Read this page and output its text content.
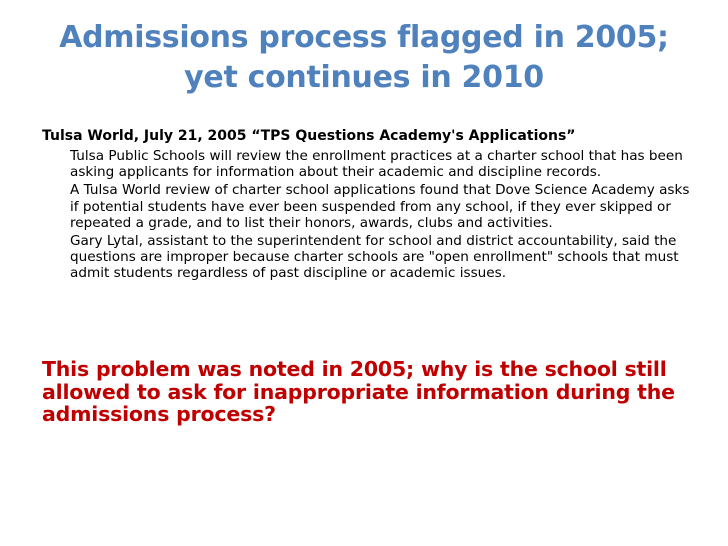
Admissions process flagged in 2005;
yet continues in 2010
Tulsa World, July 21, 2005 “TPS Questions Academy's Applications”
Tulsa Public Schools will review the enrollment practices at a charter school that has been asking applicants for information about their academic and discipline records.
A Tulsa World review of charter school applications found that Dove Science Academy asks if potential students have ever been suspended from any school, if they ever skipped or repeated a grade, and to list their honors, awards, clubs and activities.
Gary Lytal, assistant to the superintendent for school and district accountability, said the questions are improper because charter schools are "open enrollment" schools that must admit students regardless of past discipline or academic issues.
This problem was noted in 2005; why is the school still allowed to ask for inappropriate information during the admissions process?
